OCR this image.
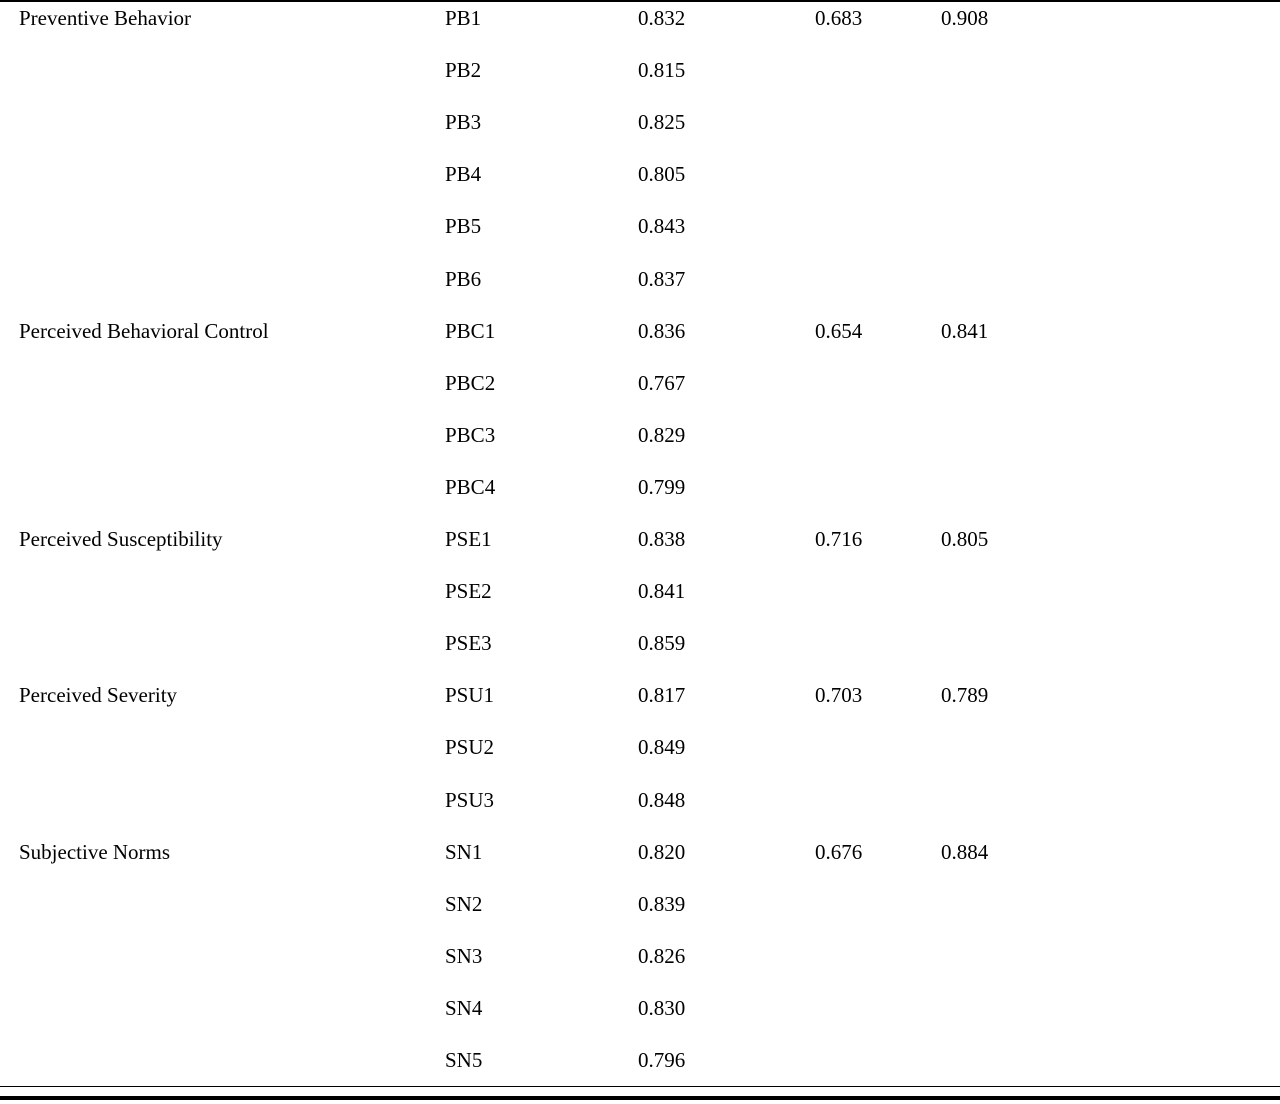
Preventive Behavior	PB1	0.832	0.683	0.908
PB2	0.815
PB3	0.825
PB4	0.805
PB5	0.843
PB6	0.837
Perceived Behavioral Control	PBC1	0.836	0.654	0.841
PBC2	0.767
PBC3	0.829
PBC4	0.799
Perceived Susceptibility	PSE1	0.838	0.716	0.805
PSE2	0.841
PSE3	0.859
Perceived Severity	PSU1	0.817	0.703	0.789
PSU2	0.849
PSU3	0.848
Subjective Norms	SN1	0.820	0.676	0.884
SN2	0.839
SN3	0.826
SN4	0.830
SN5	0.796
